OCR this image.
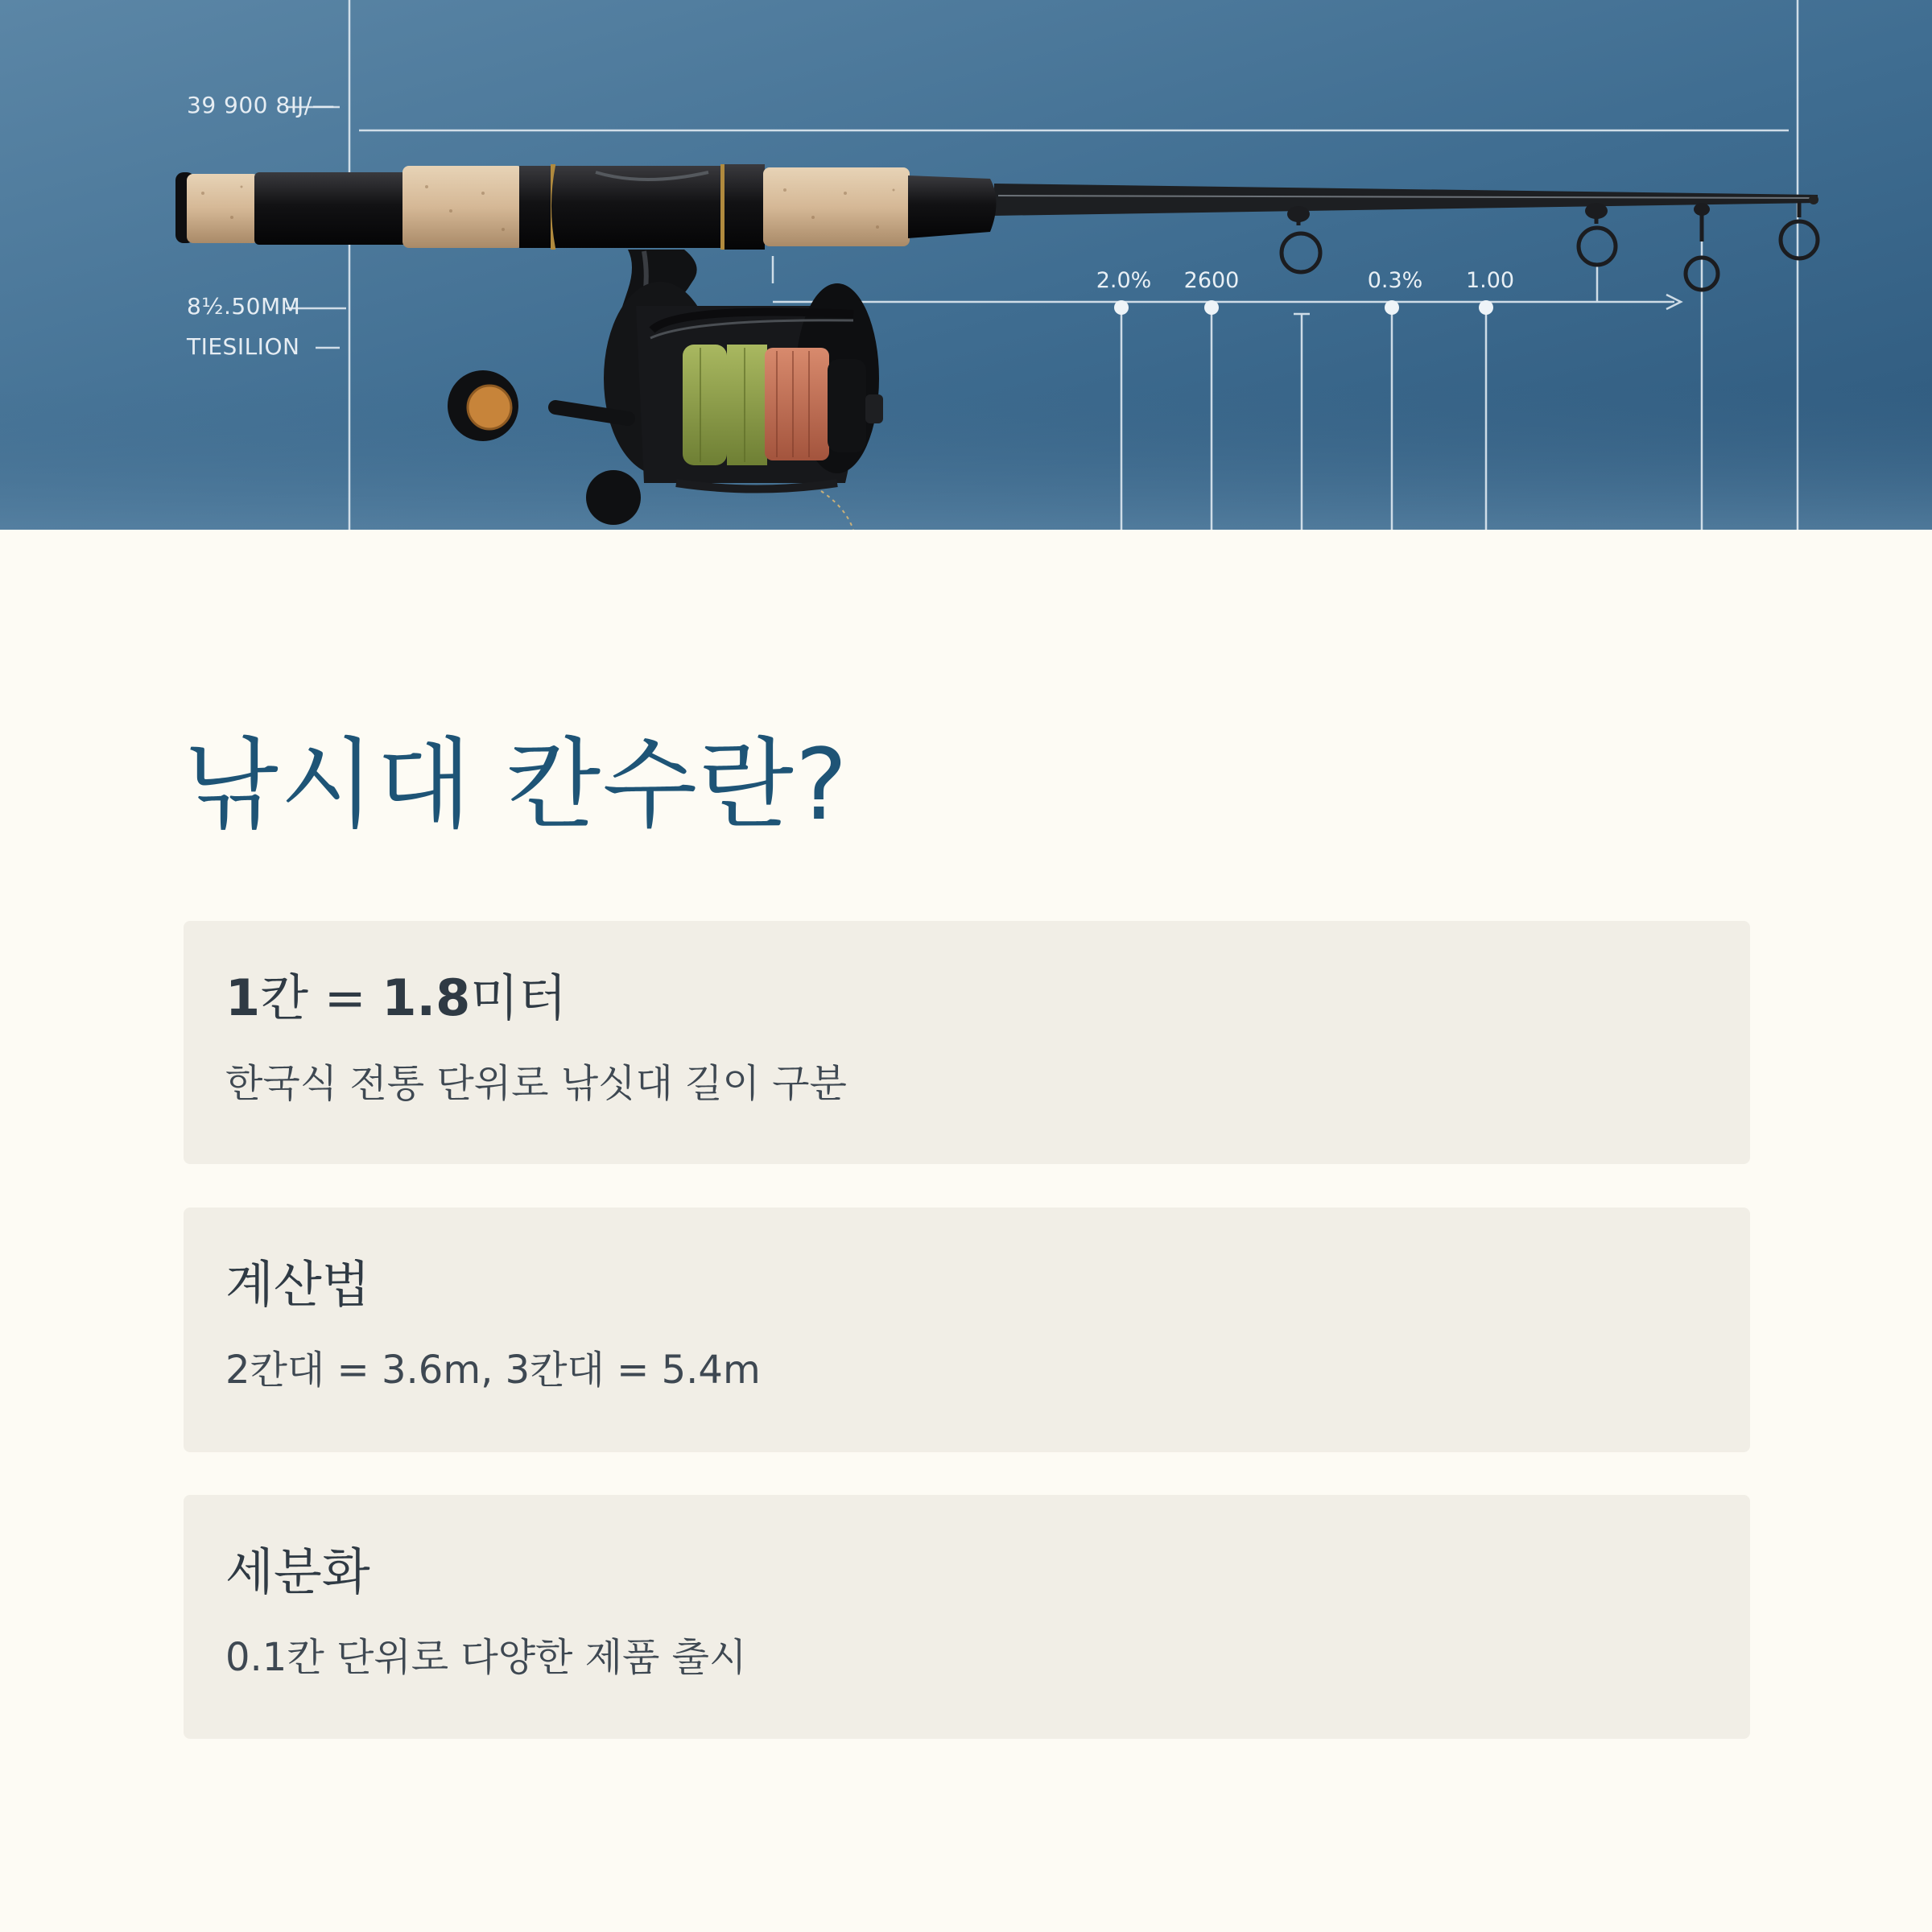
39 900 8Ĳ/—
8½.50MM
TIESILION
2.0% 2600	0.3% 1.00
낚시대 칸수란?
1칸 = 1.8미터
한국식 전통 단위로 낚싯대 길이 구분
계산법
2칸대 = 3.6m, 3칸대 = 5.4m
세분화
0.1칸 단위로 다양한 제품 출시
